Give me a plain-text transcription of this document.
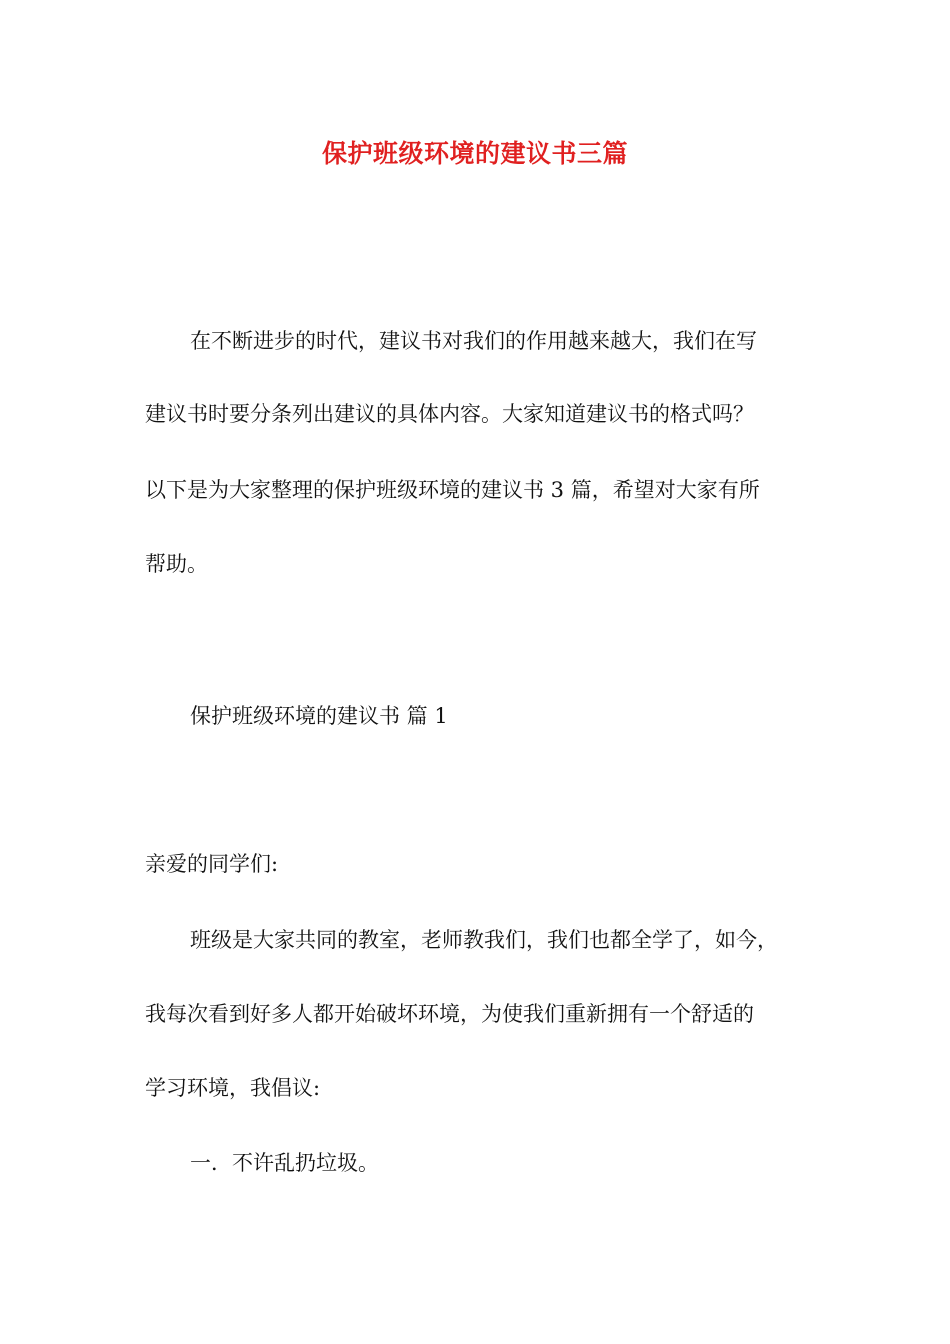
保护班级环境的建议书三篇
在不断进步的时代，建议书对我们的作用越来越大，我们在写
建议书时要分条列出建议的具体内容。大家知道建议书的格式吗？
以下是为大家整理的保护班级环境的建议书 3 篇，希望对大家有所
帮助。
保护班级环境的建议书 篇 1
亲爱的同学们:
班级是大家共同的教室，老师教我们，我们也都全学了，如今，
我每次看到好多人都开始破坏环境，为使我们重新拥有一个舒适的
学习环境，我倡议:
一．不许乱扔垃圾。
